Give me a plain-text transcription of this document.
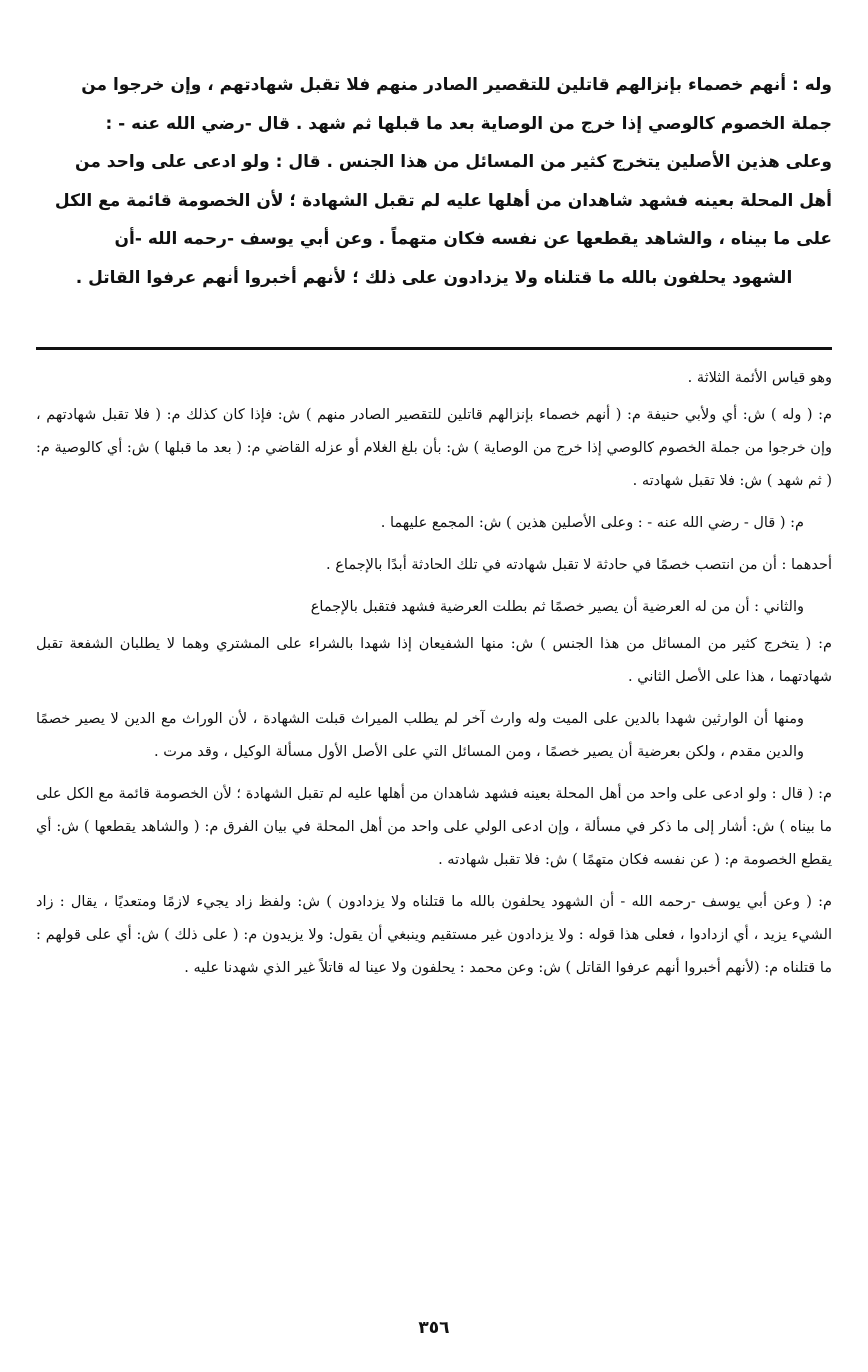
وله : أنهم خصماء بإنزالهم قاتلين للتقصير الصادر منهم فلا تقبل شهادتهم ، وإن خرجوا من

جملة الخصوم كالوصي إذا خرج من الوصاية بعد ما قبلها ثم شهد . قال -رضي الله عنه - :

وعلى هذين الأصلين يتخرج كثير من المسائل من هذا الجنس . قال : ولو ادعى على واحد من

أهل المحلة بعينه فشهد شاهدان من أهلها عليه لم تقبل الشهادة ؛ لأن الخصومة قائمة مع الكل

على ما بيناه ، والشاهد يقطعها عن نفسه فكان متهماً . وعن أبي يوسف -رحمه الله -أن

الشهود يحلفون بالله ما قتلناه ولا يزدادون على ذلك ؛ لأنهم أخبروا أنهم عرفوا القاتل .

وهو قياس الأئمة الثلاثة .

م: ( وله ) ش: أي ولأبي حنيفة م: ( أنهم خصماء بإنزالهم قاتلين للتقصير الصادر منهم ) ش: فإذا كان كذلك م: ( فلا تقبل شهادتهم ، وإن خرجوا من جملة الخصوم كالوصي إذا خرج من الوصاية ) ش: بأن بلغ الغلام أو عزله القاضي م: ( بعد ما قبلها ) ش: أي كالوصية م: ( ثم شهد ) ش: فلا تقبل شهادته .

م: ( قال - رضي الله عنه - : وعلى الأصلين هذين ) ش: المجمع عليهما .

أحدهما : أن من انتصب خصمًا في حادثة لا تقبل شهادته في تلك الحادثة أبدًا بالإجماع .

والثاني : أن من له العرضية أن يصير خصمًا ثم بطلت العرضية فشهد فتقبل بالإجماع

م: ( يتخرج كثير من المسائل من هذا الجنس ) ش: منها الشفيعان إذا شهدا بالشراء على المشتري وهما لا يطلبان الشفعة تقبل شهادتهما ، هذا على الأصل الثاني .

ومنها أن الوارثين شهدا بالدين على الميت وله وارث آخر لم يطلب الميراث قبلت الشهادة ، لأن الوراث مع الدين لا يصير خصمًا والدين مقدم ، ولكن بعرضية أن يصير خصمًا ، ومن المسائل التي على الأصل الأول مسألة الوكيل ، وقد مرت .

م: ( قال : ولو ادعى على واحد من أهل المحلة بعينه فشهد شاهدان من أهلها عليه لم تقبل الشهادة ؛ لأن الخصومة قائمة مع الكل على ما بيناه ) ش: أشار إلى ما ذكر في مسألة ، وإن ادعى الولي على واحد من أهل المحلة في بيان الفرق م: ( والشاهد يقطعها ) ش: أي يقطع الخصومة م: ( عن نفسه فكان متهمًا ) ش: فلا تقبل شهادته .

م: ( وعن أبي يوسف -رحمه الله - أن الشهود يحلفون بالله ما قتلناه ولا يزدادون ) ش: ولفظ زاد يجيء لازمًا ومتعديًا ، يقال : زاد الشيء يزيد ، أي ازدادوا ، فعلى هذا قوله : ولا يزدادون غير مستقيم وينبغي أن يقول: ولا يزيدون م: ( على ذلك ) ش: أي على قولهم : ما قتلناه م: (لأنهم أخبروا أنهم عرفوا القاتل ) ش: وعن محمد : يحلفون ولا عينا له قاتلاً غير الذي شهدنا عليه .

٣٥٦
